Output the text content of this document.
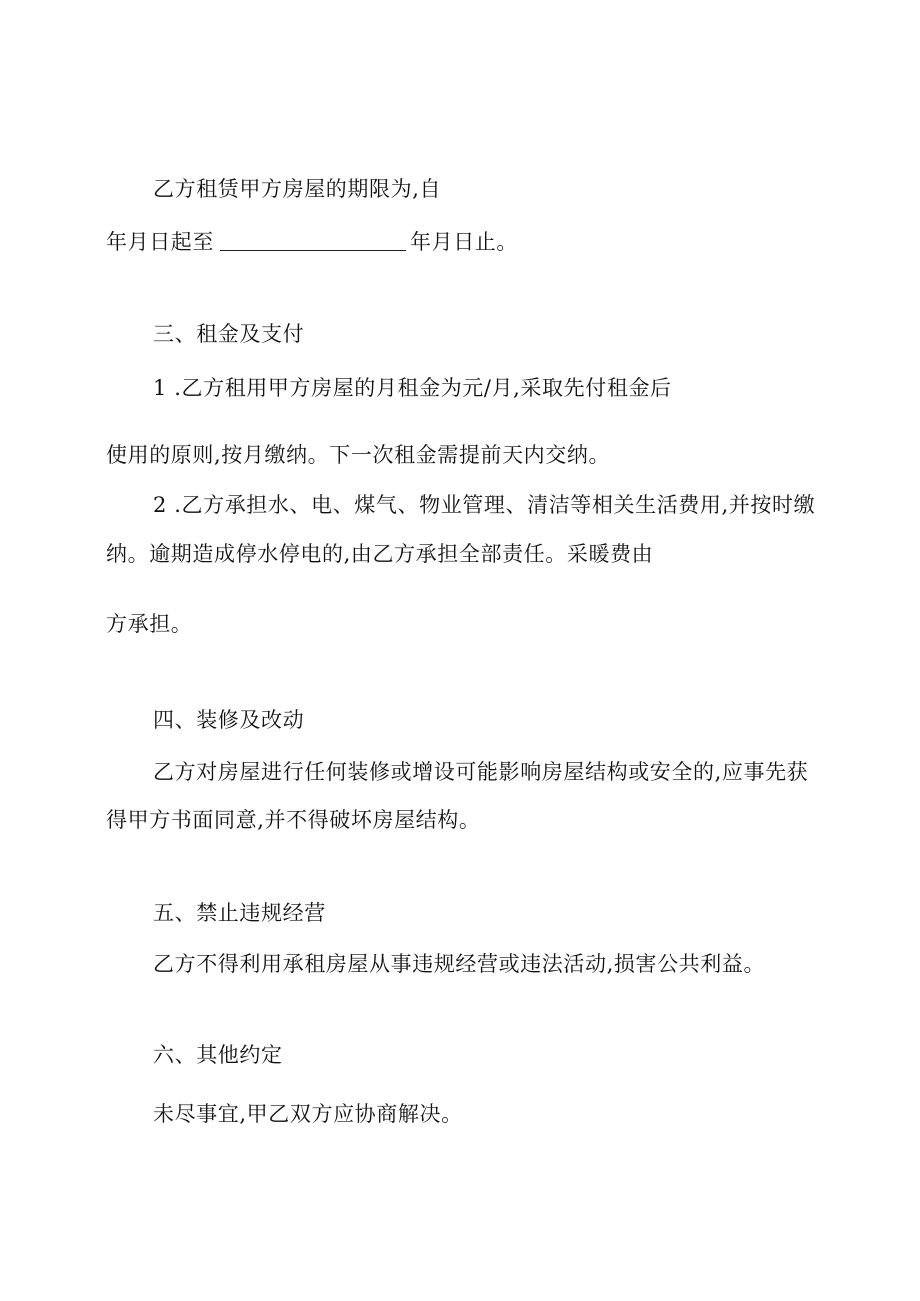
乙方租赁甲方房屋的期限为,自
年月日起至	年月日止。
三、租金及支付
1 .乙方租用甲方房屋的月租金为元/月,采取先付租金后
使用的原则,按月缴纳。下一次租金需提前天内交纳。
2 .乙方承担水、电、煤气、物业管理、清洁等相关生活费用,并按时缴
纳。逾期造成停水停电的,由乙方承担全部责任。采暖费由
方承担。
四、装修及改动
乙方对房屋进行任何装修或增设可能影响房屋结构或安全的,应事先获
得甲方书面同意,并不得破坏房屋结构。
五、禁止违规经营
乙方不得利用承租房屋从事违规经营或违法活动,损害公共利益。
六、其他约定
未尽事宜,甲乙双方应协商解决。
